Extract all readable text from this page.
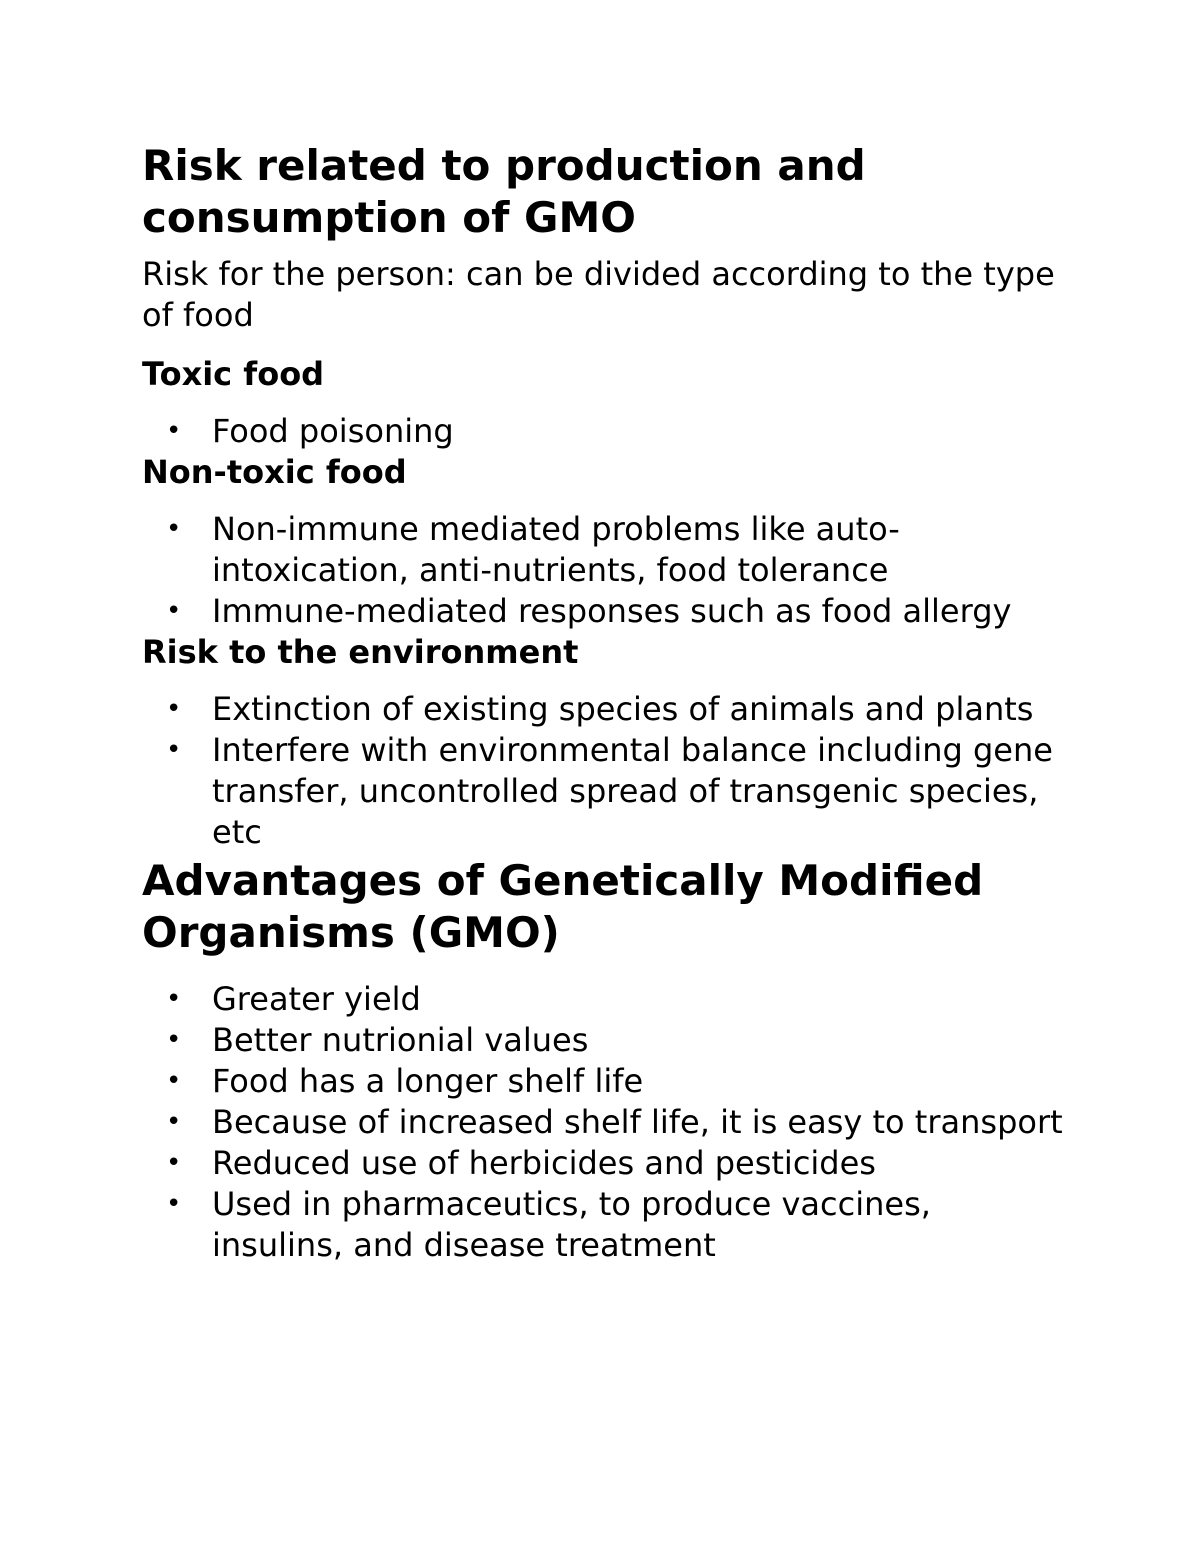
Risk related to production and consumption of GMO

Risk for the person: can be divided according to the type of food

Toxic food
• Food poisoning
Non-toxic food
• Non-immune mediated problems like auto-intoxication, anti-nutrients, food tolerance
• Immune-mediated responses such as food allergy
Risk to the environment
• Extinction of existing species of animals and plants
• Interfere with environmental balance including gene transfer, uncontrolled spread of transgenic species, etc
Advantages of Genetically Modified Organisms (GMO)
• Greater yield
• Better nutrionial values
• Food has a longer shelf life
• Because of increased shelf life, it is easy to transport
• Reduced use of herbicides and pesticides
• Used in pharmaceutics, to produce vaccines, insulins, and disease treatment
